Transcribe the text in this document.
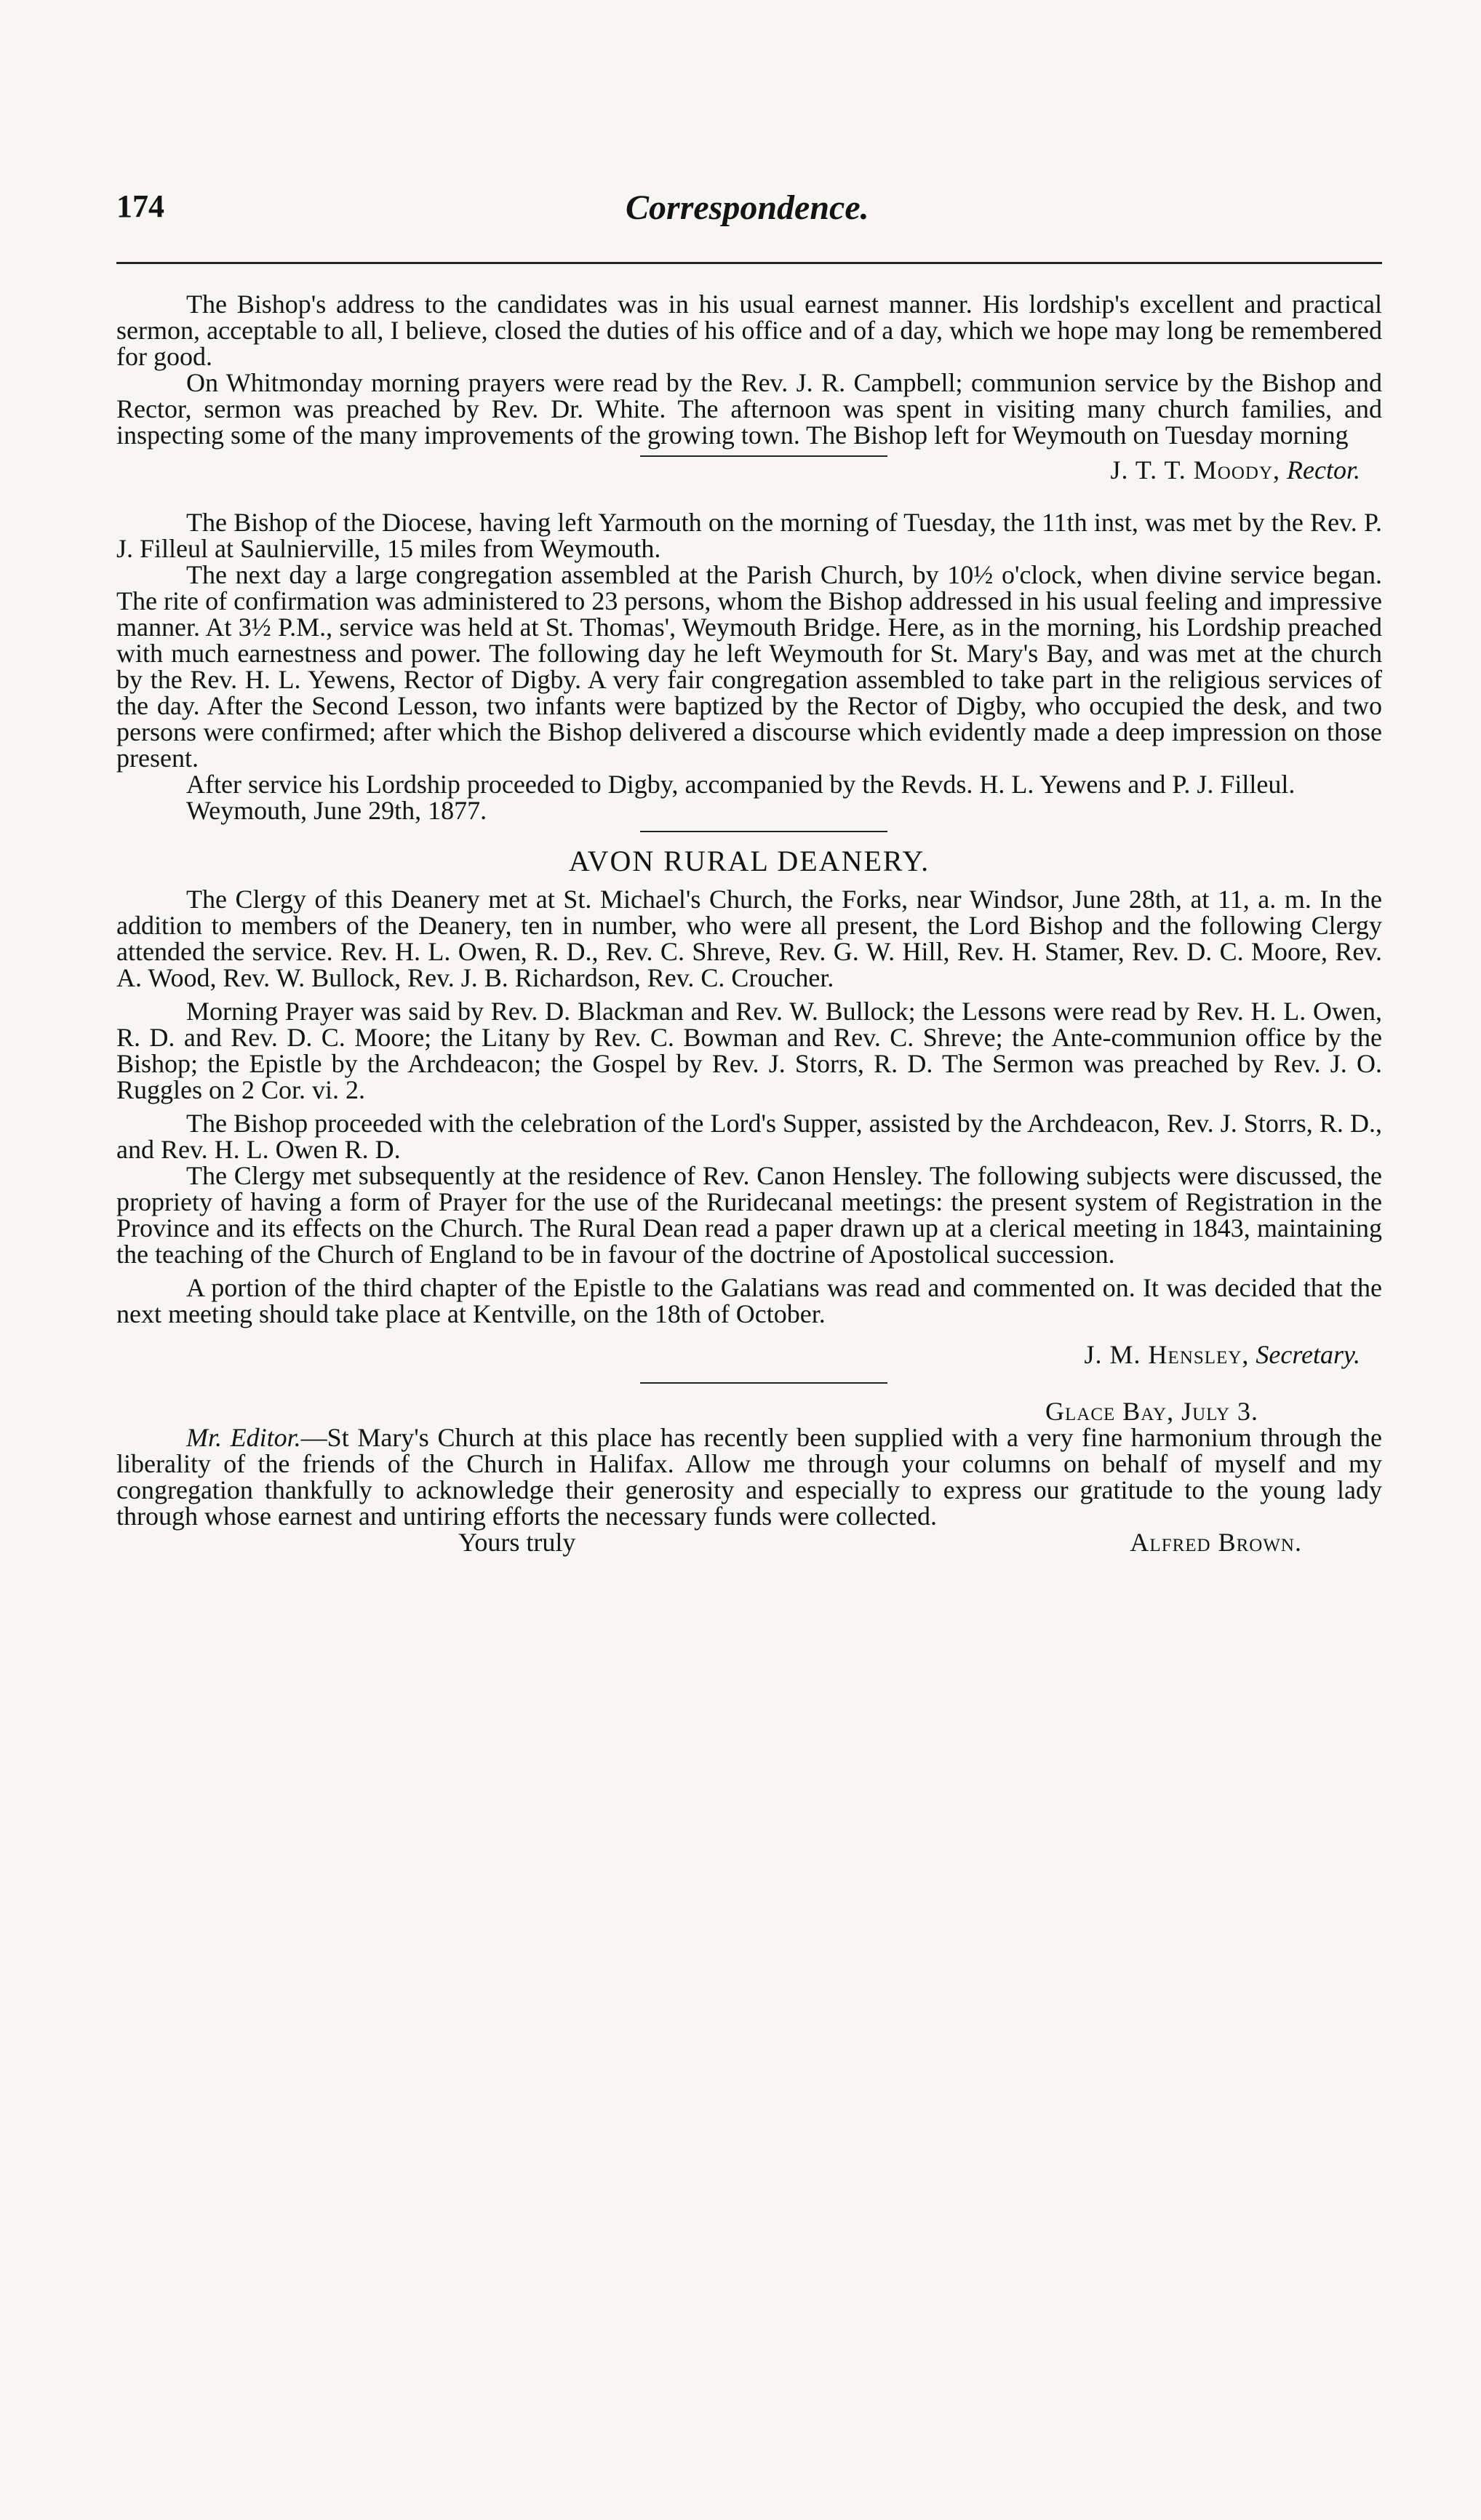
174	Correspondence.

The Bishop's address to the candidates was in his usual earnest manner. His lordship's excellent and practical sermon, acceptable to all, I believe, closed the duties of his office and of a day, which we hope may long be remembered for good.

On Whitmonday morning prayers were read by the Rev. J. R. Campbell; communion service by the Bishop and Rector, sermon was preached by Rev. Dr. White. The afternoon was spent in visiting many church families, and inspecting some of the many improvements of the growing town. The Bishop left for Weymouth on Tuesday morning

J. T. T. Moody, Rector.

The Bishop of the Diocese, having left Yarmouth on the morning of Tuesday, the 11th inst, was met by the Rev. P. J. Filleul at Saulnierville, 15 miles from Weymouth.

The next day a large congregation assembled at the Parish Church, by 10½ o'clock, when divine service began. The rite of confirmation was administered to 23 persons, whom the Bishop addressed in his usual feeling and impressive manner. At 3½ P.M., service was held at St. Thomas', Weymouth Bridge. Here, as in the morning, his Lordship preached with much earnestness and power. The following day he left Weymouth for St. Mary's Bay, and was met at the church by the Rev. H. L. Yewens, Rector of Digby. A very fair congregation assembled to take part in the religious services of the day. After the Second Lesson, two infants were baptized by the Rector of Digby, who occupied the desk, and two persons were confirmed; after which the Bishop delivered a discourse which evidently made a deep impression on those present.

After service his Lordship proceeded to Digby, accompanied by the Revds. H. L. Yewens and P. J. Filleul.

Weymouth, June 29th, 1877.

AVON RURAL DEANERY.

The Clergy of this Deanery met at St. Michael's Church, the Forks, near Windsor, June 28th, at 11, a. m. In the addition to members of the Deanery, ten in number, who were all present, the Lord Bishop and the following Clergy attended the service. Rev. H. L. Owen, R. D., Rev. C. Shreve, Rev. G. W. Hill, Rev. H. Stamer, Rev. D. C. Moore, Rev. A. Wood, Rev. W. Bullock, Rev. J. B. Richardson, Rev. C. Croucher.

Morning Prayer was said by Rev. D. Blackman and Rev. W. Bullock; the Lessons were read by Rev. H. L. Owen, R. D. and Rev. D. C. Moore; the Litany by Rev. C. Bowman and Rev. C. Shreve; the Ante-communion office by the Bishop; the Epistle by the Archdeacon; the Gospel by Rev. J. Storrs, R. D. The Sermon was preached by Rev. J. O. Ruggles on 2 Cor. vi. 2.

The Bishop proceeded with the celebration of the Lord's Supper, assisted by the Archdeacon, Rev. J. Storrs, R. D., and Rev. H. L. Owen R. D.

The Clergy met subsequently at the residence of Rev. Canon Hensley. The following subjects were discussed, the propriety of having a form of Prayer for the use of the Ruridecanal meetings: the present system of Registration in the Province and its effects on the Church. The Rural Dean read a paper drawn up at a clerical meeting in 1843, maintaining the teaching of the Church of England to be in favour of the doctrine of Apostolical succession.

A portion of the third chapter of the Epistle to the Galatians was read and commented on. It was decided that the next meeting should take place at Kentville, on the 18th of October.

J. M. Hensley, Secretary.

Glace Bay, July 3.

Mr. Editor.—St Mary's Church at this place has recently been supplied with a very fine harmonium through the liberality of the friends of the Church in Halifax. Allow me through your columns on behalf of myself and my congregation thankfully to acknowledge their generosity and especially to express our gratitude to the young lady through whose earnest and untiring efforts the necessary funds were collected.

Yours truly	Alfred Brown.
